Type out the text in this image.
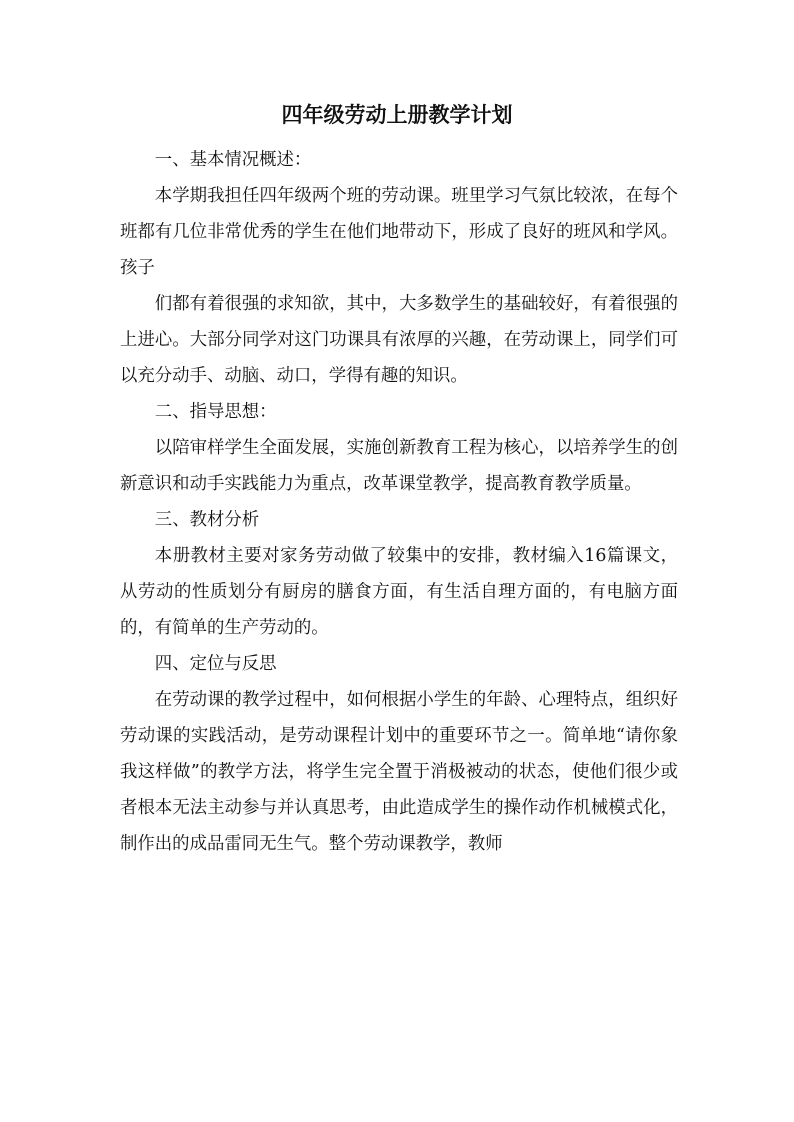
四年级劳动上册教学计划

一、基本情况概述：

本学期我担任四年级两个班的劳动课。班里学习气氛比较浓，在每个班都有几位非常优秀的学生在他们地带动下，形成了良好的班风和学风。孩子

们都有着很强的求知欲，其中，大多数学生的基础较好，有着很强的上进心。大部分同学对这门功课具有浓厚的兴趣，在劳动课上，同学们可以充分动手、动脑、动口，学得有趣的知识。

二、指导思想：

以陪审样学生全面发展，实施创新教育工程为核心，以培养学生的创新意识和动手实践能力为重点，改革课堂教学，提高教育教学质量。

三、教材分析

本册教材主要对家务劳动做了较集中的安排，教材编入16篇课文，从劳动的性质划分有厨房的膳食方面，有生活自理方面的，有电脑方面的，有简单的生产劳动的。

四、定位与反思

在劳动课的教学过程中，如何根据小学生的年龄、心理特点，组织好劳动课的实践活动，是劳动课程计划中的重要环节之一。简单地“请你象我这样做”的教学方法，将学生完全置于消极被动的状态，使他们很少或者根本无法主动参与并认真思考，由此造成学生的操作动作机械模式化，制作出的成品雷同无生气。整个劳动课教学，教师
